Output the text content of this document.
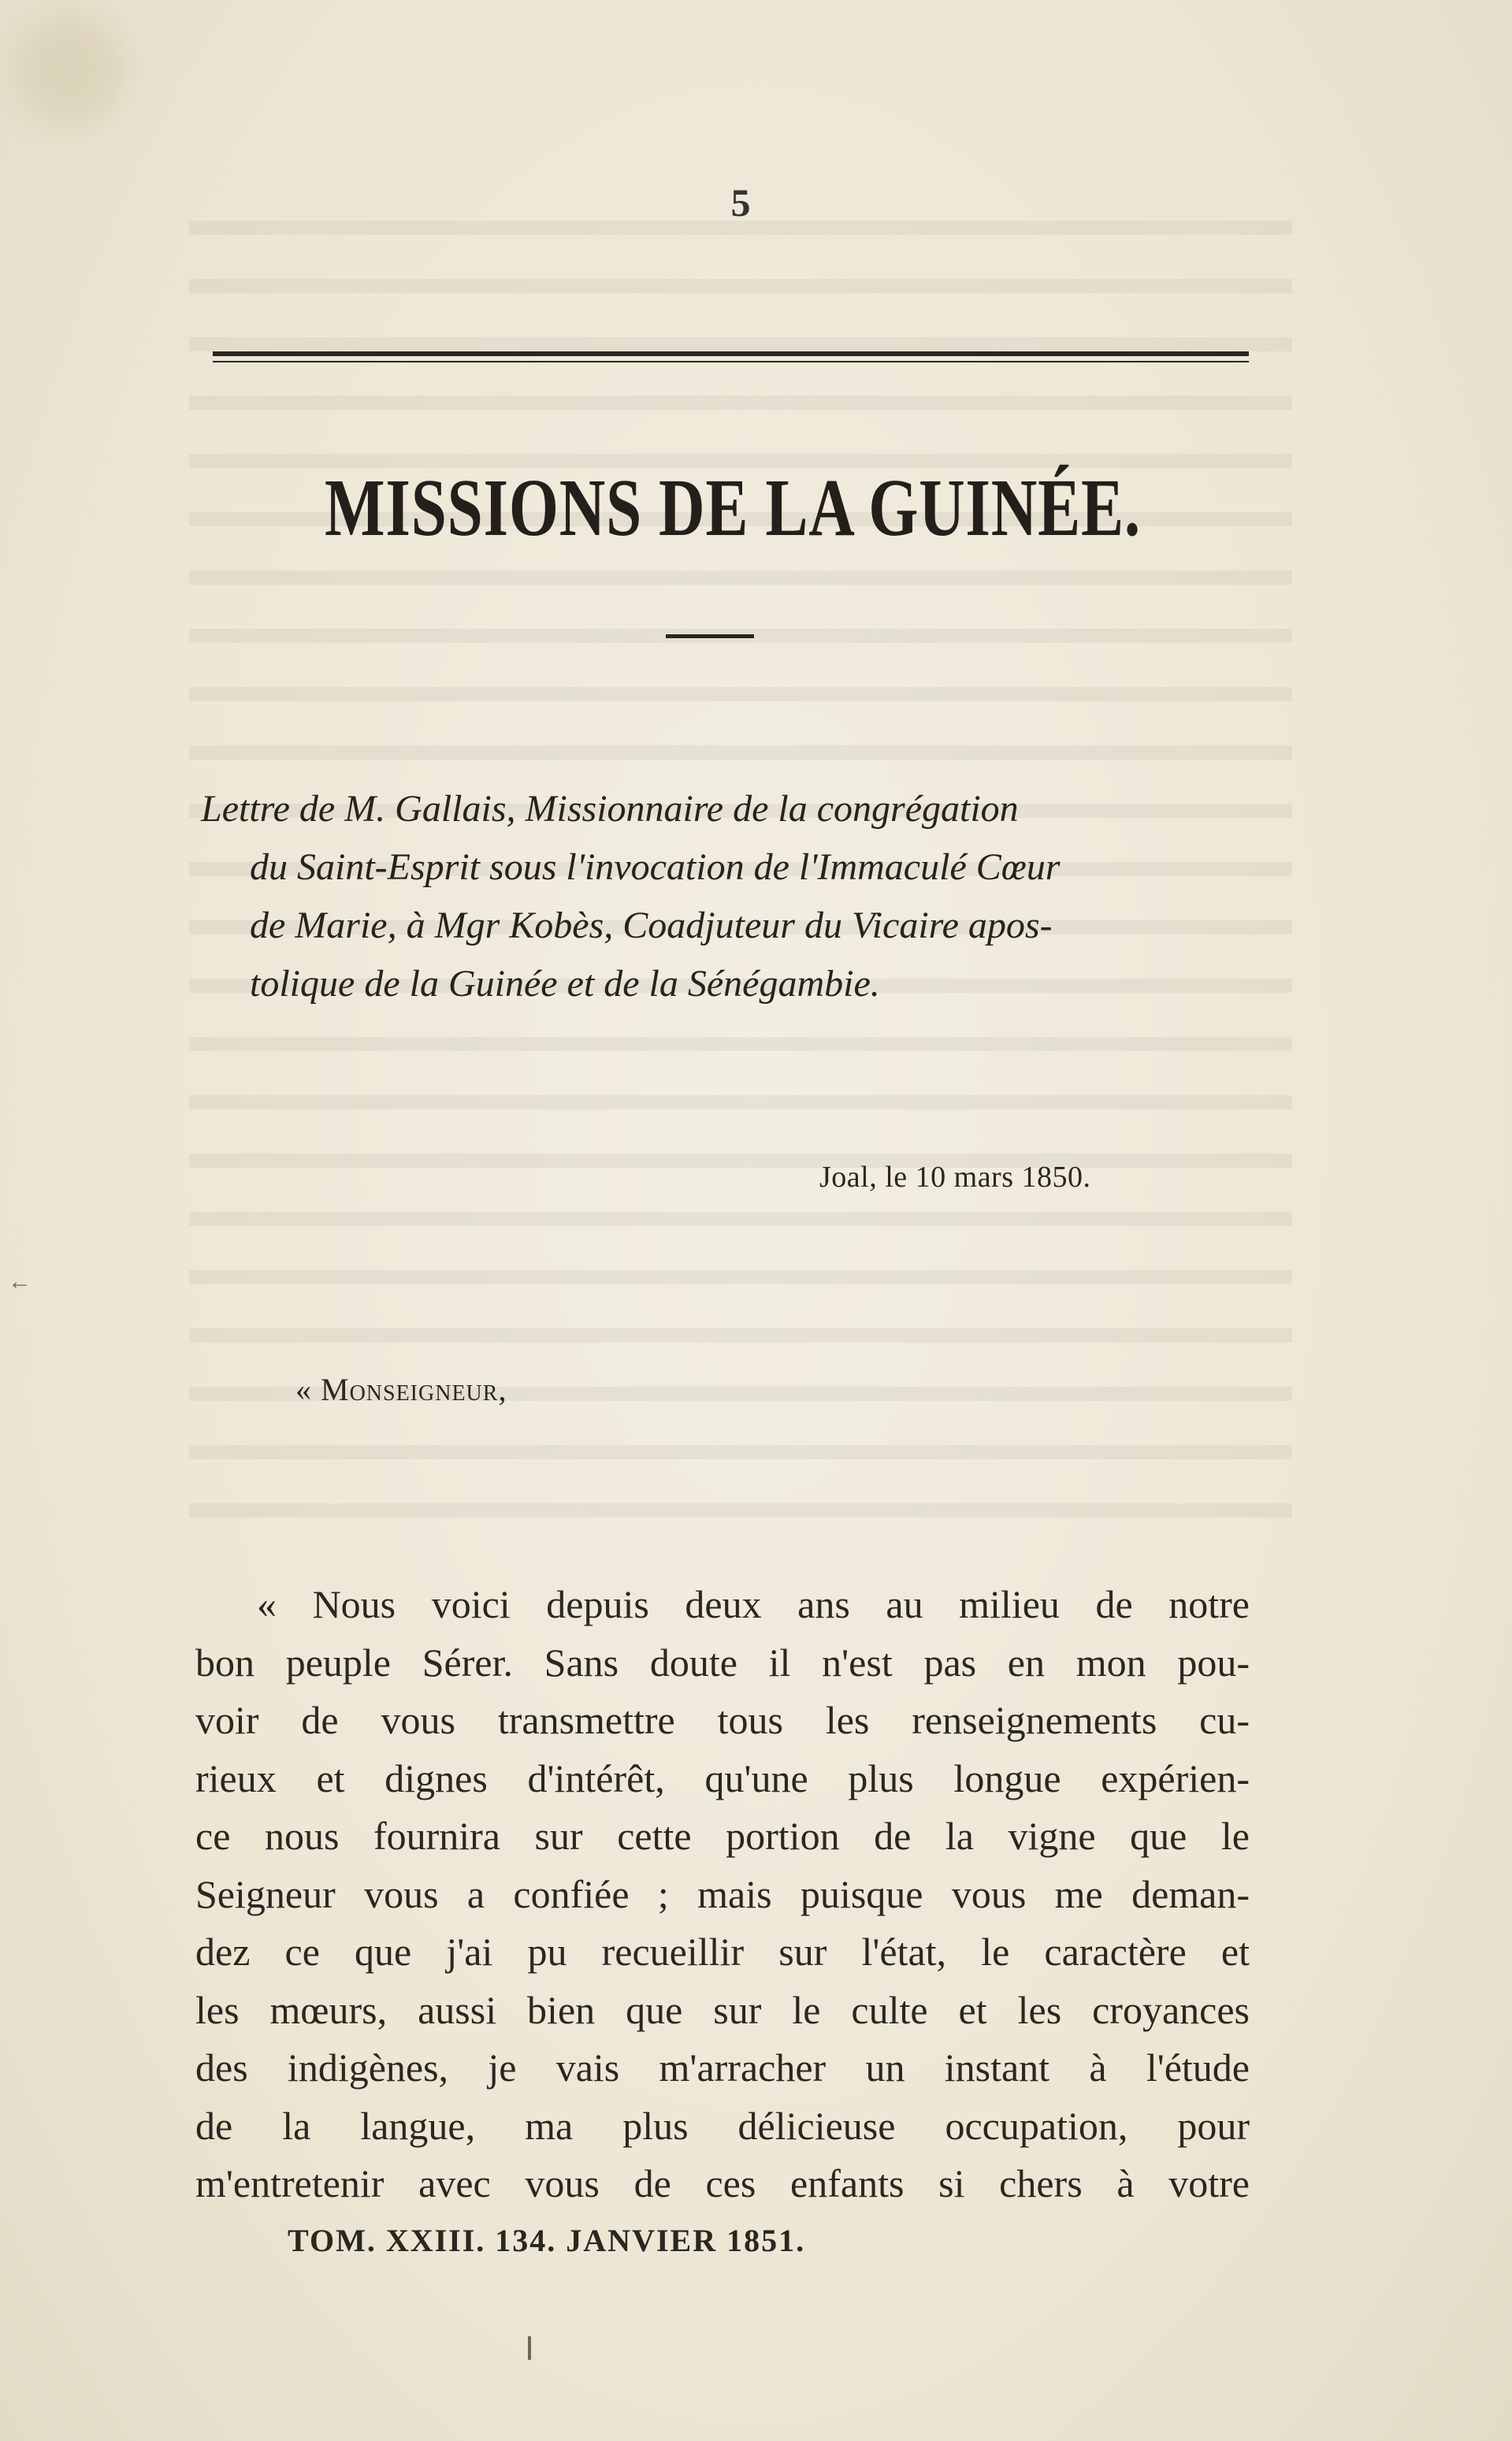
5
MISSIONS DE LA GUINÉE.
Lettre de M. Gallais, Missionnaire de la congrégation
du Saint-Esprit sous l'invocation de l'Immaculé Cœur
de Marie, à Mgr Kobès, Coadjuteur du Vicaire apos-
tolique de la Guinée et de la Sénégambie.
Joal, le 10 mars 1850.
« Monseigneur,
« Nous voici depuis deux ans au milieu de notre
bon peuple Sérer. Sans doute il n'est pas en mon pou-
voir de vous transmettre tous les renseignements cu-
rieux et dignes d'intérêt, qu'une plus longue expérien-
ce nous fournira sur cette portion de la vigne que le
Seigneur vous a confiée ; mais puisque vous me deman-
dez ce que j'ai pu recueillir sur l'état, le caractère et
les mœurs, aussi bien que sur le culte et les croyances
des indigènes, je vais m'arracher un instant à l'étude
de la langue, ma plus délicieuse occupation, pour
m'entretenir avec vous de ces enfants si chers à votre
TOM. XXIII. 134. JANVIER 1851.
←
